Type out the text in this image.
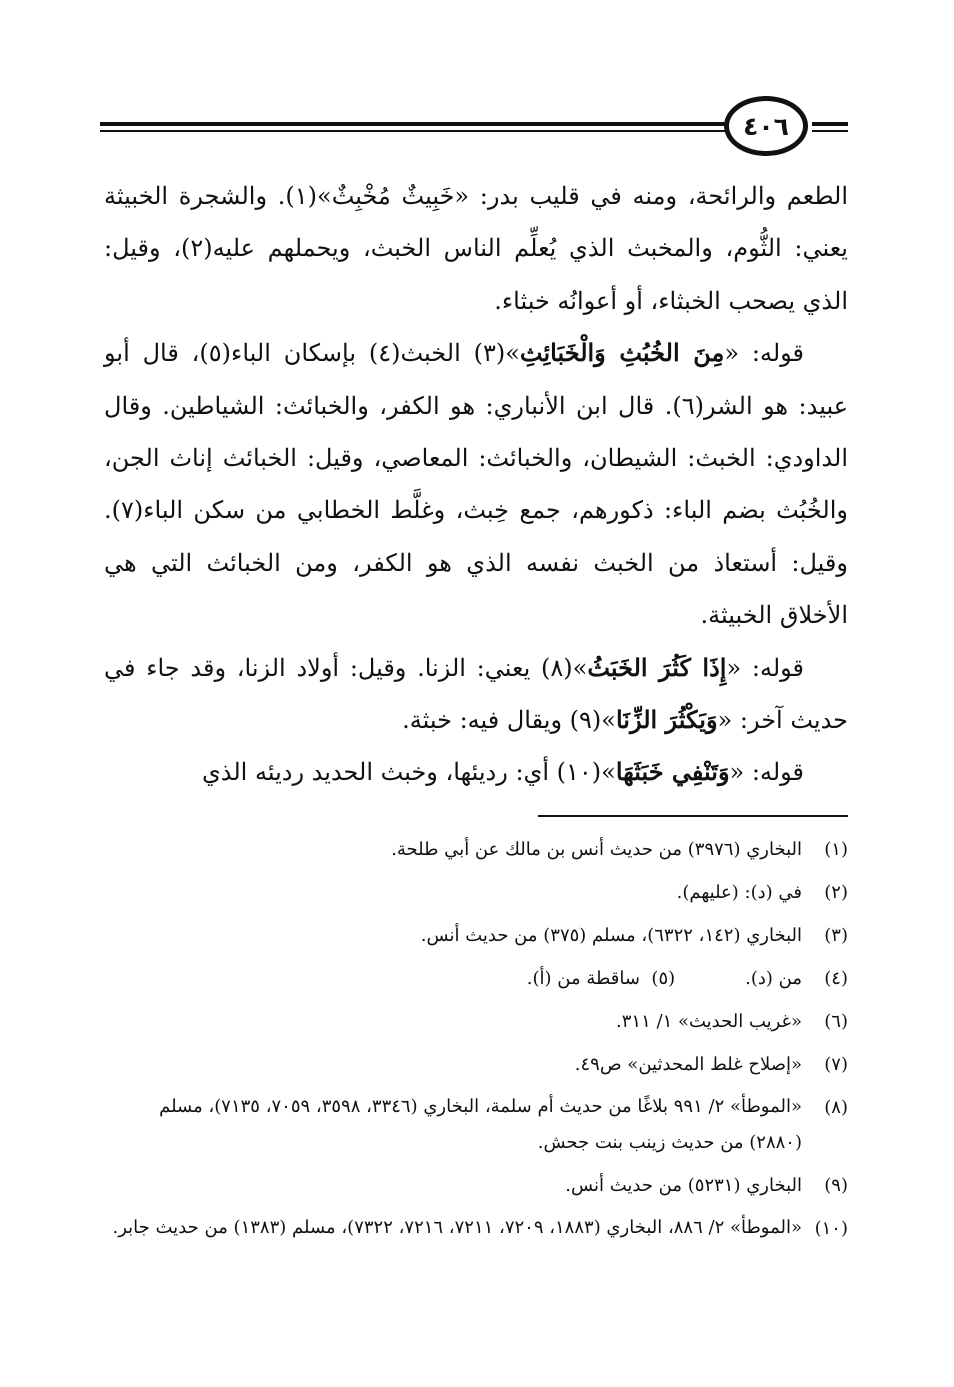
٤٠٦

الطعم والرائحة، ومنه في قليب بدر: «خَبِيثٌ مُخْبِثٌ»(١). والشجرة الخبيثة يعني: الثُّوم، والمخبث الذي يُعلِّم الناس الخبث، ويحملهم عليه(٢)، وقيل: الذي يصحب الخبثاء، أو أعوانُه خبثاء.

قوله: «مِنَ الخُبُثِ وَالْخَبَائِثِ»(٣) الخبث(٤) بإسكان الباء(٥)، قال أبو عبيد: هو الشر(٦). قال ابن الأنباري: هو الكفر، والخبائث: الشياطين. وقال الداودي: الخبث: الشيطان، والخبائث: المعاصي، وقيل: الخبائث إناث الجن، والخُبُث بضم الباء: ذكورهم، جمع خِبث، وغلَّط الخطابي من سكن الباء(٧). وقيل: أستعاذ من الخبث نفسه الذي هو الكفر، ومن الخبائث التي هي الأخلاق الخبيثة.

قوله: «إِذَا كَثُرَ الخَبَثُ»(٨) يعني: الزنا. وقيل: أولاد الزنا، وقد جاء في حديث آخر: «وَيَكْثُرَ الزِّنَا»(٩) ويقال فيه: خبثة.

قوله: «وَتَنْفِي خَبَثَهَا»(١٠) أي: رديئها، وخبث الحديد رديئه الذي

(١)
البخاري (٣٩٧٦) من حديث أنس بن مالك عن أبي طلحة.
(٢)
في (د): (عليهم).
(٣)
البخاري (١٤٢، ٦٣٢٢)، مسلم (٣٧٥) من حديث أنس.
(٤)
من (د).(٥)  ساقطة من (أ).
(٦)
«غريب الحديث» ١/ ٣١١.
(٧)
«إصلاح غلط المحدثين» ص٤٩.
(٨)
«الموطأ» ٢/ ٩٩١ بلاغًا من حديث أم سلمة، البخاري (٣٣٤٦، ٣٥٩٨، ٧٠٥٩، ٧١٣٥)، مسلم (٢٨٨٠) من حديث زينب بنت جحش.
(٩)
البخاري (٥٢٣١) من حديث أنس.
(١٠)
«الموطأ» ٢/ ٨٨٦، البخاري (١٨٨٣، ٧٢٠٩، ٧٢١١، ٧٢١٦، ٧٣٢٢)، مسلم (١٣٨٣) من حديث جابر.
